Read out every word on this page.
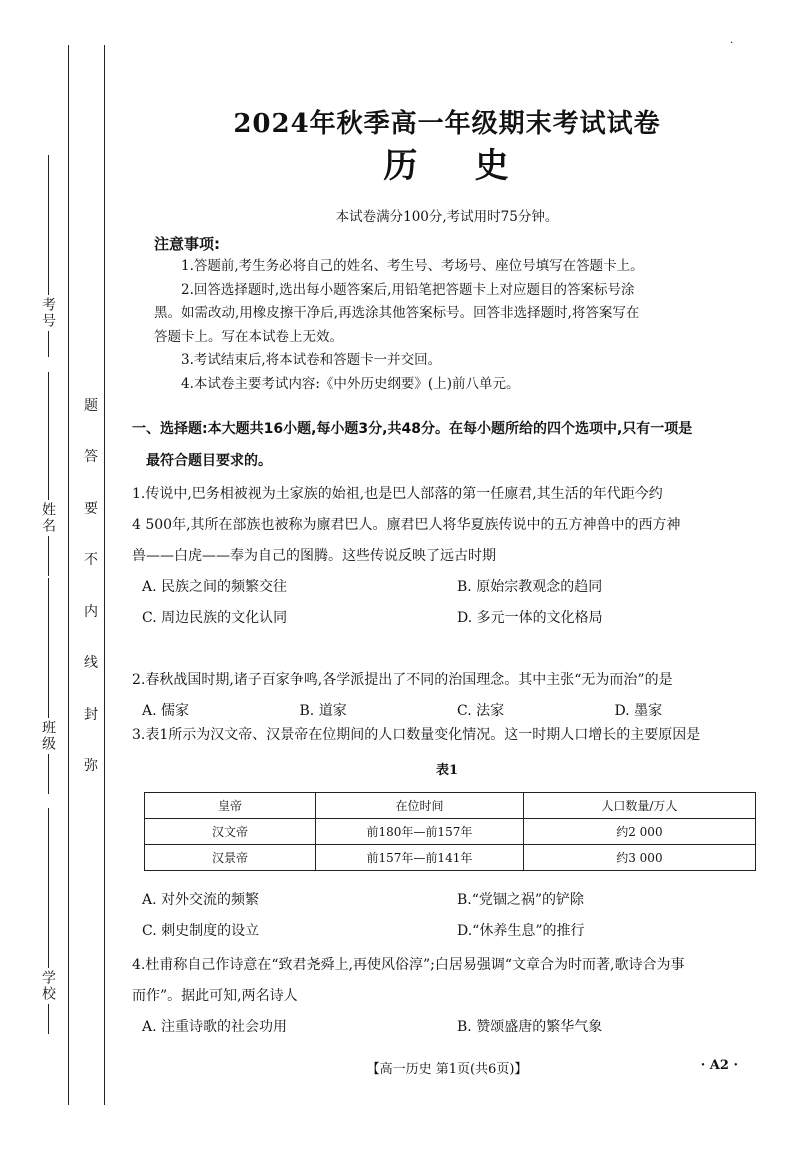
考号
姓名
班级
学校
题
答
要
不
内
线
封
弥
·
2024年秋季高一年级期末考试试卷
历    史
本试卷满分100分,考试用时75分钟。
注意事项:

1.答题前,考生务必将自己的姓名、考生号、考场号、座位号填写在答题卡上。

2.回答选择题时,选出每小题答案后,用铅笔把答题卡上对应题目的答案标号涂

黑。如需改动,用橡皮擦干净后,再选涂其他答案标号。回答非选择题时,将答案写在

答题卡上。写在本试卷上无效。

3.考试结束后,将本试卷和答题卡一并交回。

4.本试卷主要考试内容:《中外历史纲要》(上)前八单元。

一、选择题:本大题共16小题,每小题3分,共48分。在每小题所给的四个选项中,只有一项是
最符合题目要求的。

1.传说中,巴务相被视为土家族的始祖,也是巴人部落的第一任廪君,其生活的年代距今约

4 500年,其所在部族也被称为廪君巴人。廪君巴人将华夏族传说中的五方神兽中的西方神

兽——白虎——奉为自己的图腾。这些传说反映了远古时期

A. 民族之间的频繁交往	B. 原始宗教观念的趋同
C. 周边民族的文化认同	D. 多元一体的文化格局

2.春秋战国时期,诸子百家争鸣,各学派提出了不同的治国理念。其中主张“无为而治”的是

A. 儒家	B. 道家	C. 法家	D. 墨家

3.表1所示为汉文帝、汉景帝在位期间的人口数量变化情况。这一时期人口增长的主要原因是

表1
皇帝	在位时间	人口数量/万人
汉文帝	前180年—前157年	约2 000
汉景帝	前157年—前141年	约3 000
A. 对外交流的频繁	B.“党锢之祸”的铲除
C. 刺史制度的设立	D.“休养生息”的推行

4.杜甫称自己作诗意在“致君尧舜上,再使风俗淳”;白居易强调“文章合为时而著,歌诗合为事

而作”。据此可知,两名诗人

A. 注重诗歌的社会功用	B. 赞颂盛唐的繁华气象
【高一历史 第1页(共6页)】	· A2 ·
